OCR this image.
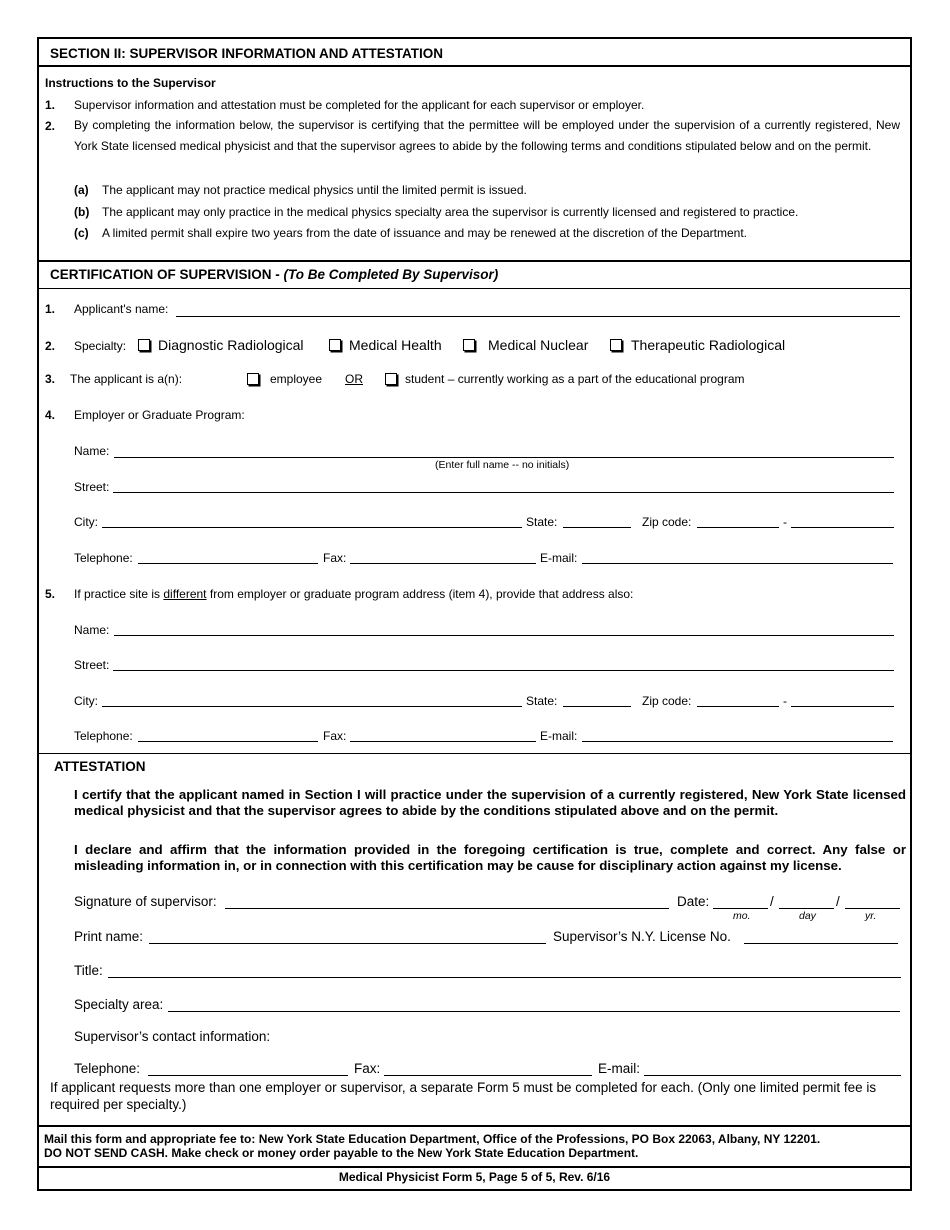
SECTION II: SUPERVISOR INFORMATION AND ATTESTATION
Instructions to the Supervisor
1. Supervisor information and attestation must be completed for the applicant for each supervisor or employer.
2. By completing the information below, the supervisor is certifying that the permittee will be employed under the supervision of a currently registered, New York State licensed medical physicist and that the supervisor agrees to abide by the following terms and conditions stipulated below and on the permit.
(a) The applicant may not practice medical physics until the limited permit is issued.
(b) The applicant may only practice in the medical physics specialty area the supervisor is currently licensed and registered to practice.
(c) A limited permit shall expire two years from the date of issuance and may be renewed at the discretion of the Department.
CERTIFICATION OF SUPERVISION - (To Be Completed By Supervisor)
1. Applicant's name:
2. Specialty: Diagnostic Radiological	Medical Health	Medical Nuclear	Therapeutic Radiological
3. The applicant is a(n):	employee OR	student – currently working as a part of the educational program
4. Employer or Graduate Program:
Name:
(Enter full name -- no initials)
Street:
City:	State:	Zip code:	-
Telephone:	Fax:	E-mail:
5. If practice site is different from employer or graduate program address (item 4), provide that address also:
Name:
Street:
City:	State:	Zip code:	-
Telephone:	Fax:	E-mail:
ATTESTATION
I certify that the applicant named in Section I will practice under the supervision of a currently registered, New York State licensed medical physicist and that the supervisor agrees to abide by the conditions stipulated above and on the permit.
I declare and affirm that the information provided in the foregoing certification is true, complete and correct. Any false or misleading information in, or in connection with this certification may be cause for disciplinary action against my license.
Signature of supervisor:	Date:	/	/
mo.	day	yr.
Print name:	Supervisor’s N.Y. License No.
Title:
Specialty area:
Supervisor’s contact information:
Telephone:	Fax:	E-mail:
If applicant requests more than one employer or supervisor, a separate Form 5 must be completed for each. (Only one limited permit fee is required per specialty.)
Mail this form and appropriate fee to: New York State Education Department, Office of the Professions, PO Box 22063, Albany, NY 12201.
DO NOT SEND CASH. Make check or money order payable to the New York State Education Department.
Medical Physicist Form 5, Page 5 of 5, Rev. 6/16
